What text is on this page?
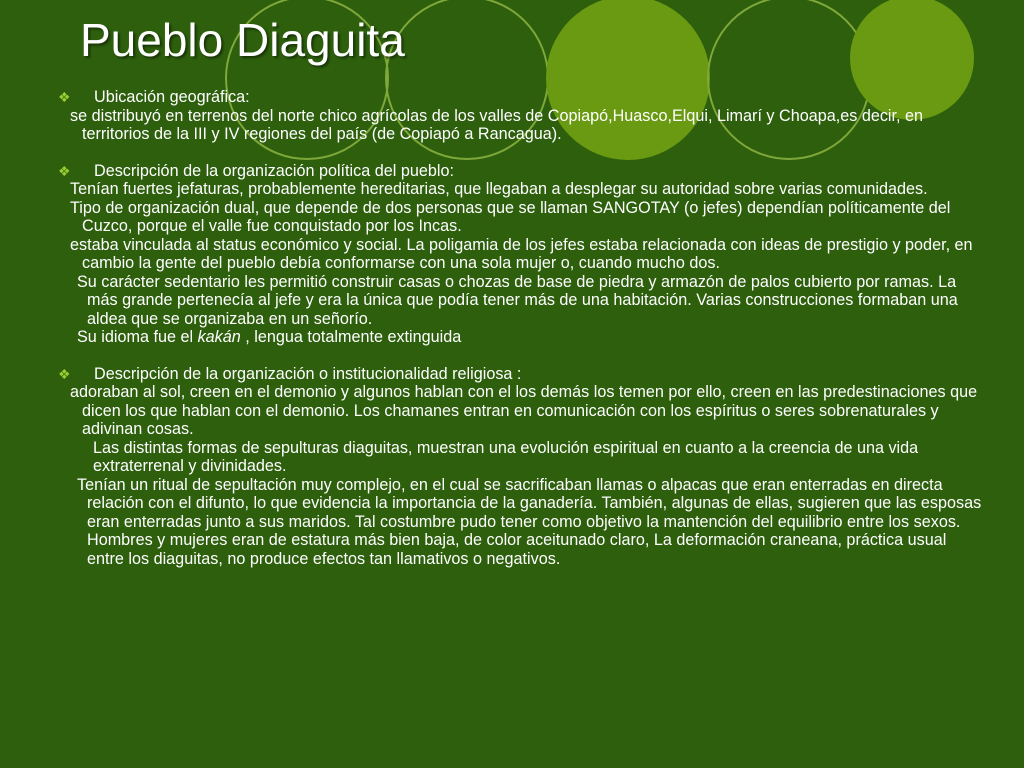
Pueblo Diaguita
❖ Ubicación geográfica:

se distribuyó en terrenos del norte chico agrícolas de los valles de Copiapó,Huasco,Elqui, Limarí y Choapa,es decir, en territorios de la III y IV regiones del país (de Copiapó a Rancagua).

❖ Descripción de la organización política del pueblo:

Tenían fuertes jefaturas, probablemente hereditarias, que llegaban a desplegar su autoridad sobre varias comunidades.

Tipo de organización dual, que depende de dos personas que se llaman SANGOTAY (o jefes) dependían políticamente del Cuzco, porque el valle fue conquistado por los Incas.

estaba vinculada al status económico y social. La poligamia de los jefes estaba relacionada con ideas de prestigio y poder, en cambio la gente del pueblo debía conformarse con una sola mujer o, cuando mucho dos.

Su carácter sedentario les permitió construir casas o chozas de base de piedra y armazón de palos cubierto por ramas. La más grande pertenecía al jefe y era la única que podía tener más de una habitación. Varias construcciones formaban una aldea que se organizaba en un señorío.

Su idioma fue el kakán , lengua totalmente extinguida

❖ Descripción de la organización o institucionalidad religiosa :

adoraban al sol, creen en el demonio y algunos hablan con el los demás los temen por ello, creen en las predestinaciones que dicen los que hablan con el demonio. Los chamanes entran en comunicación con los espíritus o seres sobrenaturales y adivinan cosas.

Las distintas formas de sepulturas diaguitas, muestran una evolución espiritual en cuanto a la creencia de una vida extraterrenal y divinidades.

Tenían un ritual de sepultación muy complejo, en el cual se sacrificaban llamas o alpacas que eran enterradas en directa relación con el difunto, lo que evidencia la importancia de la ganadería. También, algunas de ellas, sugieren que las esposas eran enterradas junto a sus maridos. Tal costumbre pudo tener como objetivo la mantención del equilibrio entre los sexos. Hombres y mujeres eran de estatura más bien baja, de color aceitunado claro, La deformación craneana, práctica usual entre los diaguitas, no produce efectos tan llamativos o negativos.
